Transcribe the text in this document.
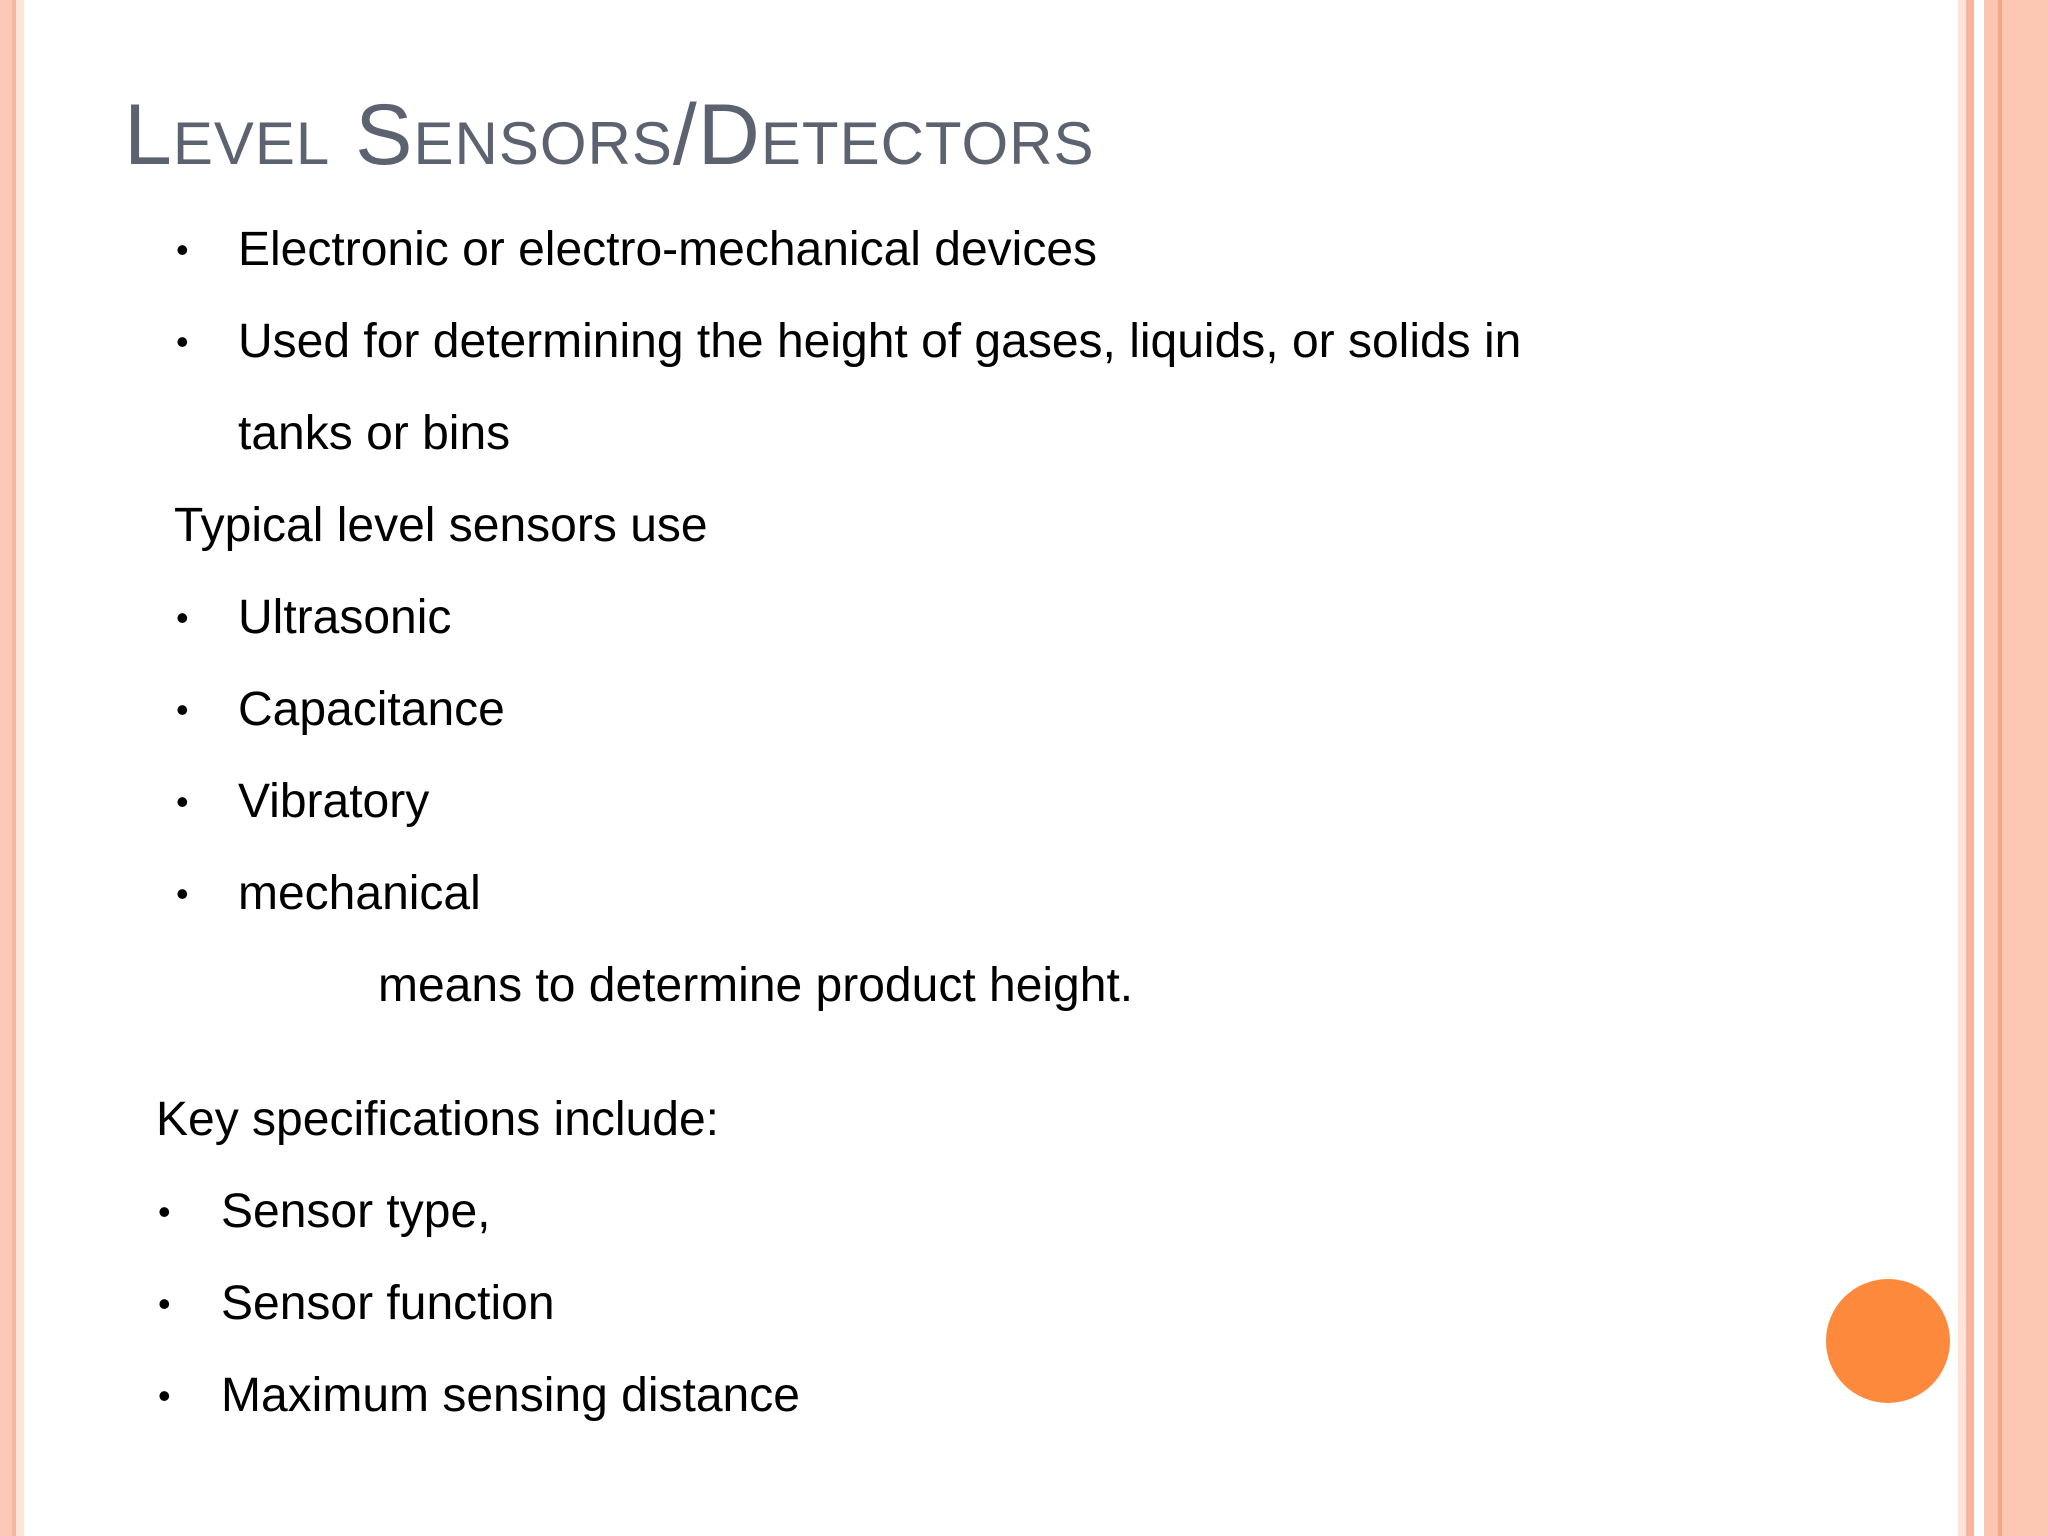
Level Sensors/Detectors
• Electronic or electro-mechanical devices
• Used for determining the height of gases, liquids, or solids in
tanks or bins
Typical level sensors use
• Ultrasonic
• Capacitance
• Vibratory
• mechanical
means to determine product height.
Key specifications include:
• Sensor type,
• Sensor function
• Maximum sensing distance
